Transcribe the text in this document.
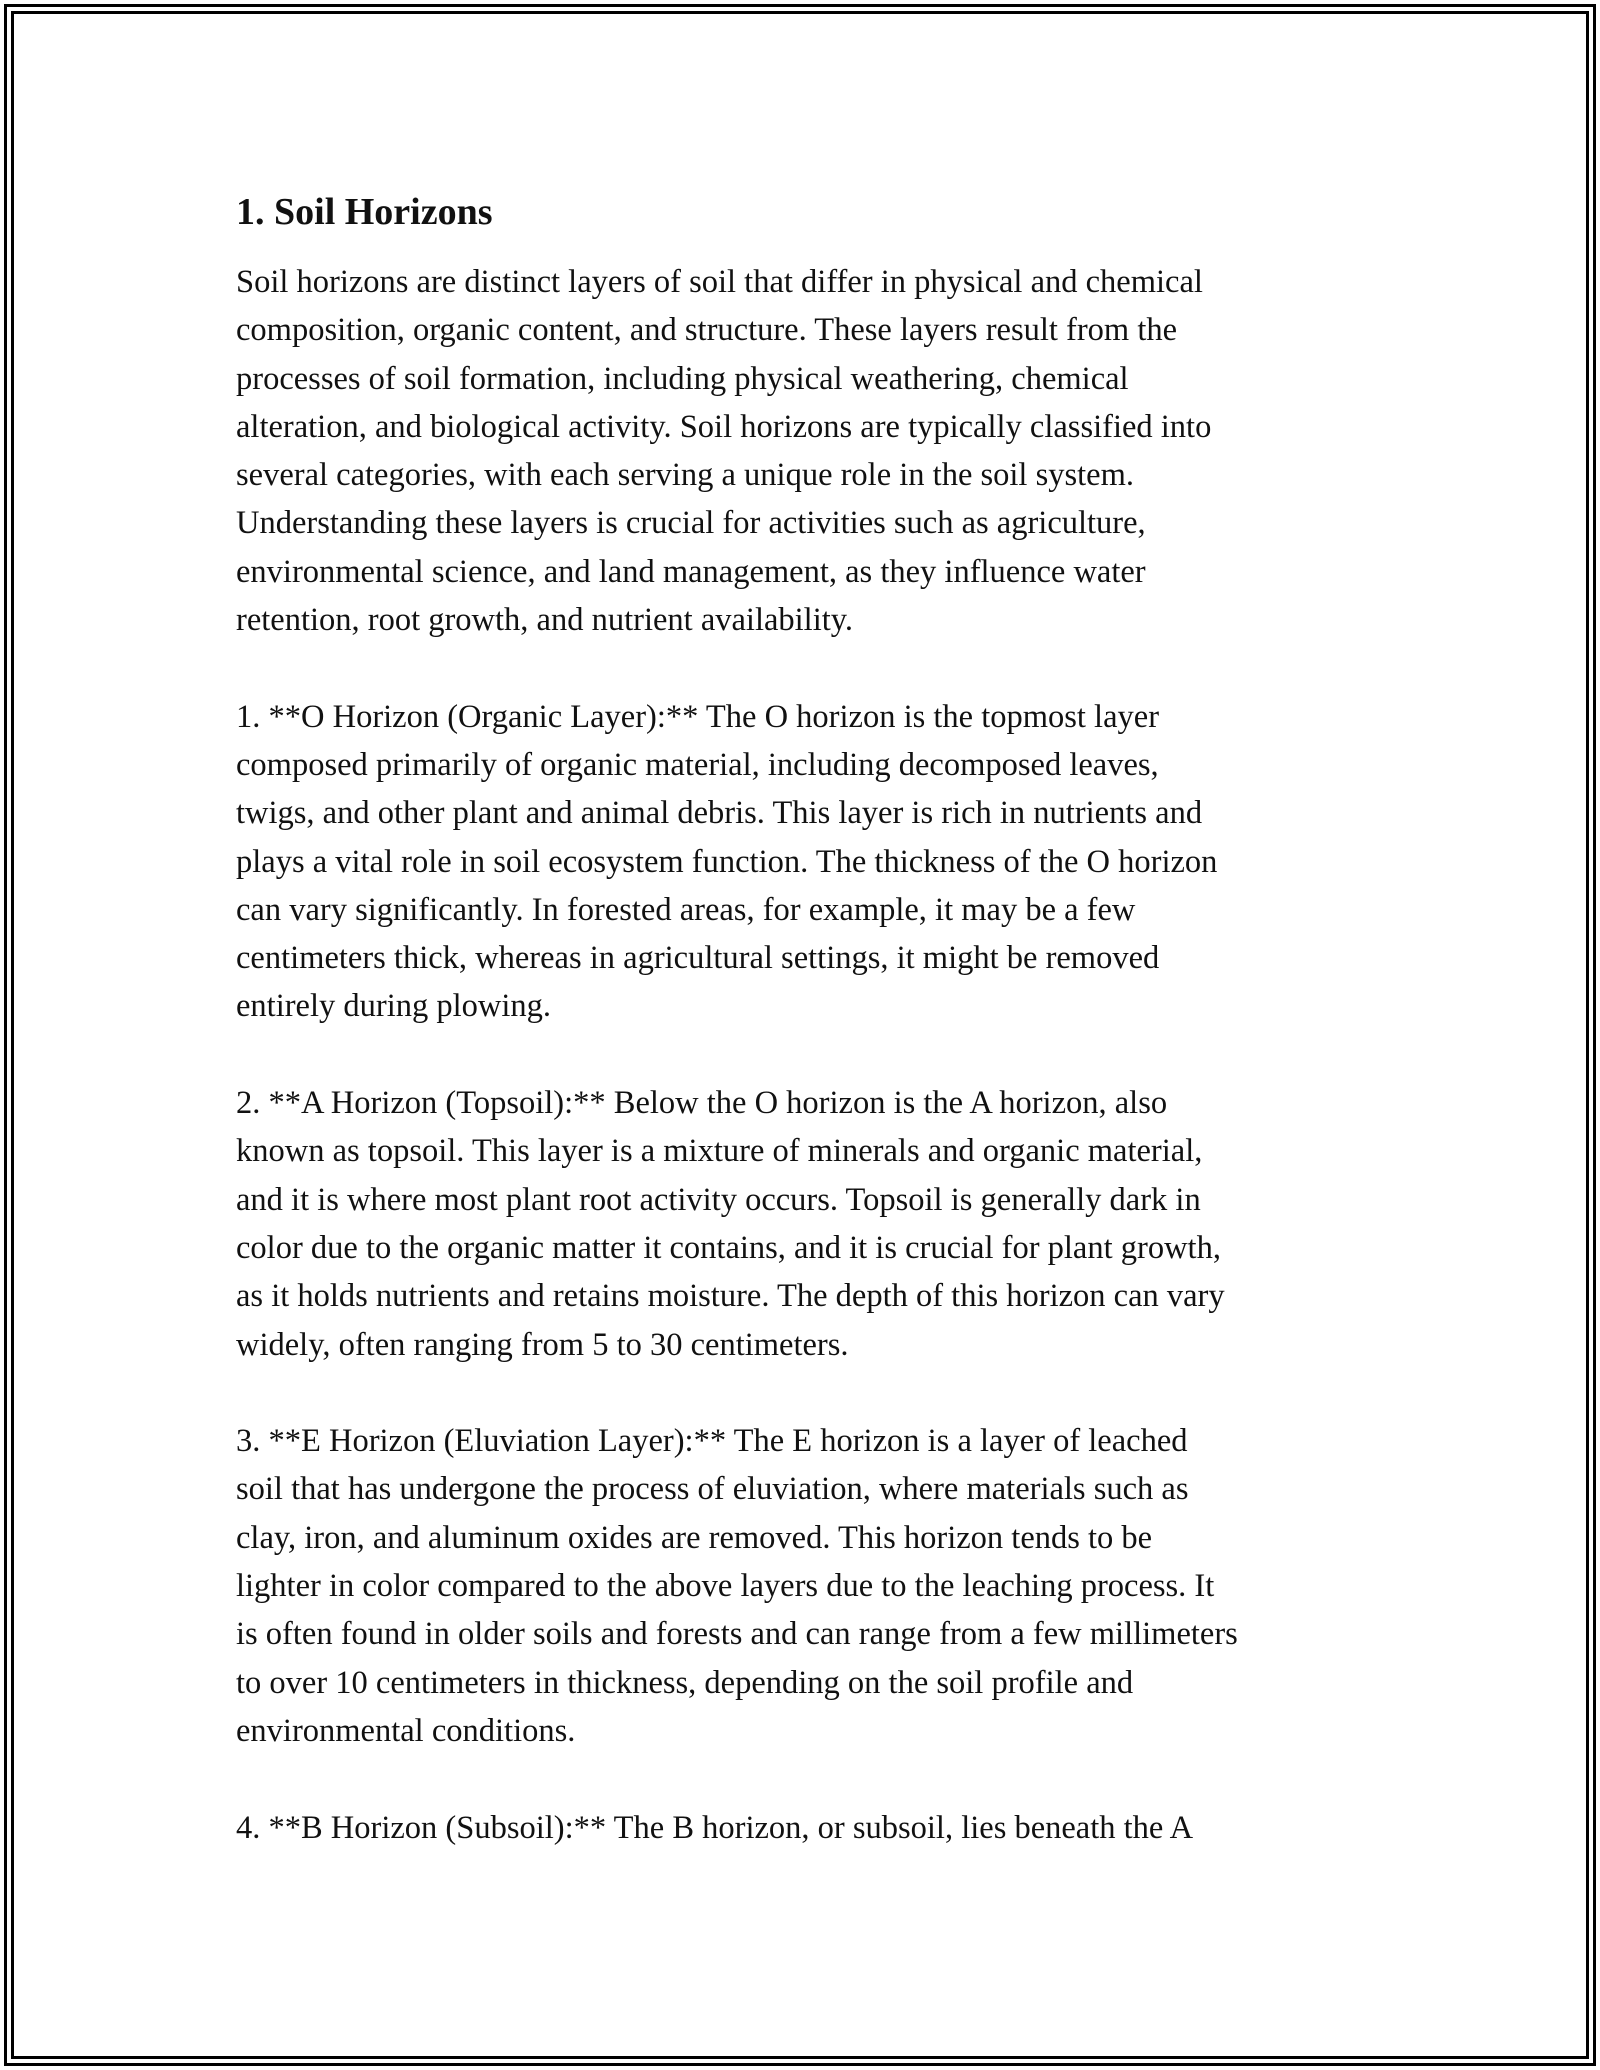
1. Soil Horizons
Soil horizons are distinct layers of soil that differ in physical and chemical
composition, organic content, and structure. These layers result from the
processes of soil formation, including physical weathering, chemical
alteration, and biological activity. Soil horizons are typically classified into
several categories, with each serving a unique role in the soil system.
Understanding these layers is crucial for activities such as agriculture,
environmental science, and land management, as they influence water
retention, root growth, and nutrient availability.
1. **O Horizon (Organic Layer):** The O horizon is the topmost layer
composed primarily of organic material, including decomposed leaves,
twigs, and other plant and animal debris. This layer is rich in nutrients and
plays a vital role in soil ecosystem function. The thickness of the O horizon
can vary significantly. In forested areas, for example, it may be a few
centimeters thick, whereas in agricultural settings, it might be removed
entirely during plowing.
2. **A Horizon (Topsoil):** Below the O horizon is the A horizon, also
known as topsoil. This layer is a mixture of minerals and organic material,
and it is where most plant root activity occurs. Topsoil is generally dark in
color due to the organic matter it contains, and it is crucial for plant growth,
as it holds nutrients and retains moisture. The depth of this horizon can vary
widely, often ranging from 5 to 30 centimeters.
3. **E Horizon (Eluviation Layer):** The E horizon is a layer of leached
soil that has undergone the process of eluviation, where materials such as
clay, iron, and aluminum oxides are removed. This horizon tends to be
lighter in color compared to the above layers due to the leaching process. It
is often found in older soils and forests and can range from a few millimeters
to over 10 centimeters in thickness, depending on the soil profile and
environmental conditions.
4. **B Horizon (Subsoil):** The B horizon, or subsoil, lies beneath the A
